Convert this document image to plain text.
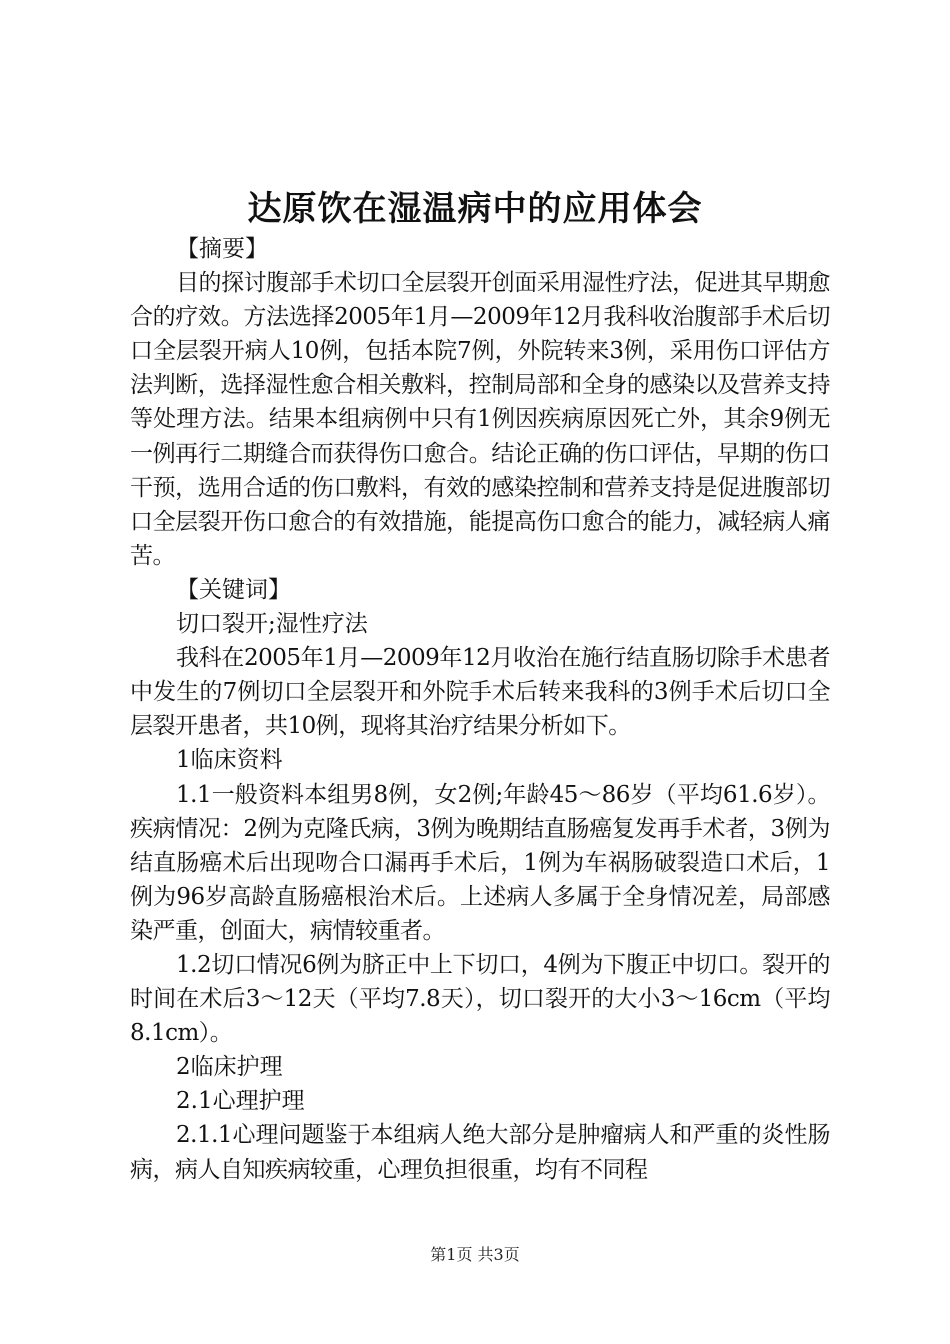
达原饮在湿温病中的应用体会

【摘要】

目的探讨腹部手术切口全层裂开创面采用湿性疗法，促进其早期愈合的疗效。方法选择2005年1月—2009年12月我科收治腹部手术后切口全层裂开病人10例，包括本院7例，外院转来3例，采用伤口评估方法判断，选择湿性愈合相关敷料，控制局部和全身的感染以及营养支持等处理方法。结果本组病例中只有1例因疾病原因死亡外，其余9例无一例再行二期缝合而获得伤口愈合。结论正确的伤口评估，早期的伤口干预，选用合适的伤口敷料，有效的感染控制和营养支持是促进腹部切口全层裂开伤口愈合的有效措施，能提高伤口愈合的能力，减轻病人痛苦。

【关键词】

切口裂开;湿性疗法

我科在2005年1月—2009年12月收治在施行结直肠切除手术患者中发生的7例切口全层裂开和外院手术后转来我科的3例手术后切口全层裂开患者，共10例，现将其治疗结果分析如下。

1临床资料

1.1一般资料本组男8例，女2例;年龄45～86岁（平均61.6岁）。疾病情况：2例为克隆氏病，3例为晚期结直肠癌复发再手术者，3例为结直肠癌术后出现吻合口漏再手术后，1例为车祸肠破裂造口术后，1例为96岁高龄直肠癌根治术后。上述病人多属于全身情况差，局部感染严重，创面大，病情较重者。

1.2切口情况6例为脐正中上下切口，4例为下腹正中切口。裂开的时间在术后3～12天（平均7.8天），切口裂开的大小3～16cm（平均8.1cm）。

2临床护理

2.1心理护理

2.1.1心理问题鉴于本组病人绝大部分是肿瘤病人和严重的炎性肠病，病人自知疾病较重，心理负担很重，均有不同程

第1页 共3页
